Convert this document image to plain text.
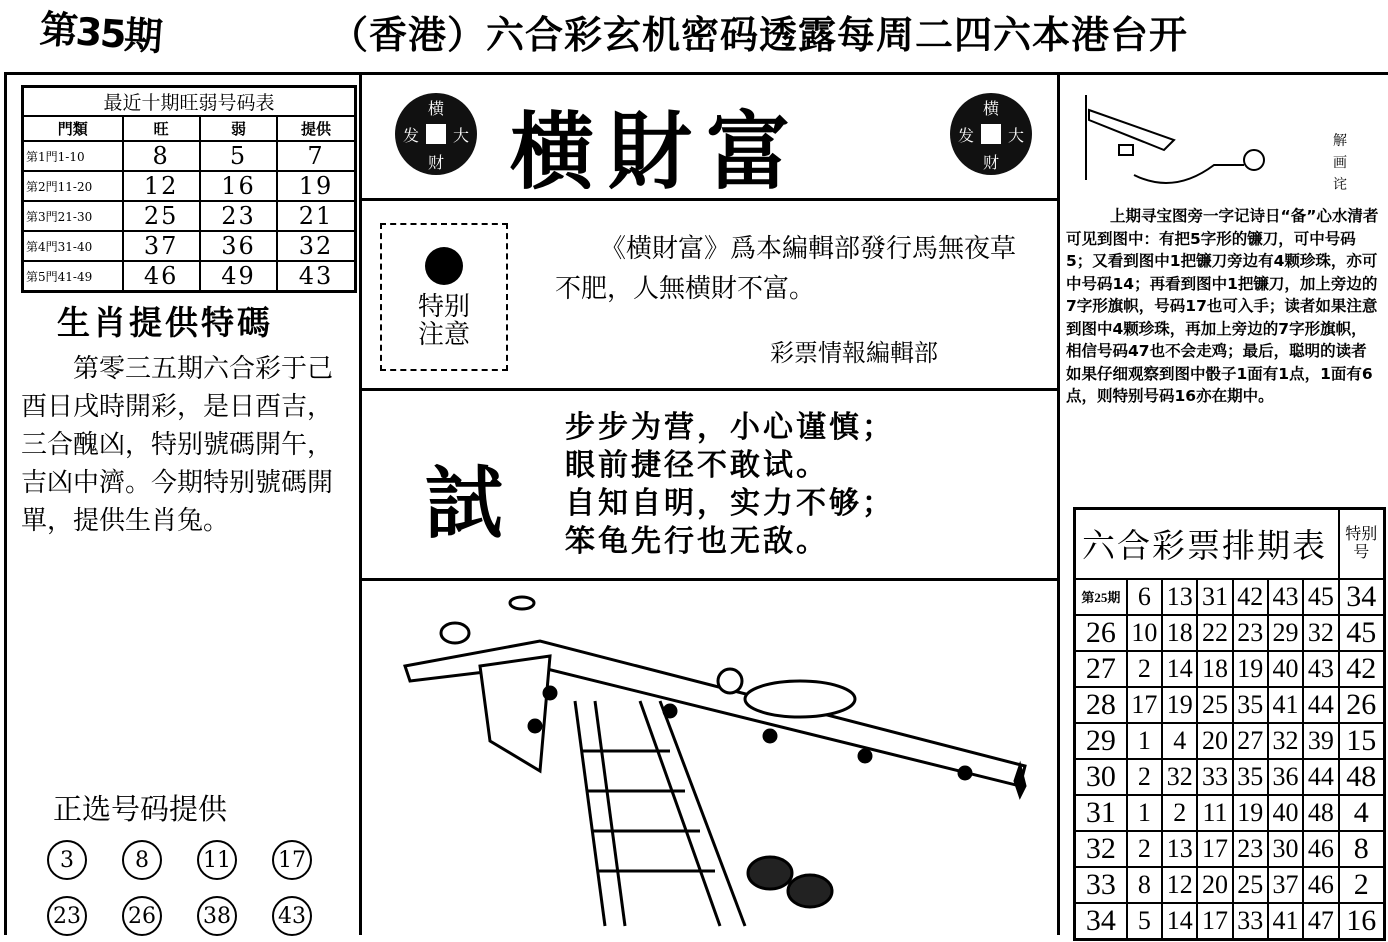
第35期	（香港）六合彩玄机密码透露每周二四六本港台开
最近十期旺弱号码表			
門類	旺	弱	提供
第1門1-10	8	5	7
第2門11-20	12	16	19
第3門21-30	25	23	21
第4門31-40	37	36	32
第5門41-49	46	49	43
生肖提供特碼
第零三五期六合彩于己酉日戌時開彩，是日酉吉，三合醜凶，特别號碼開午，吉凶中濟。今期特别號碼開單，提供生肖兔。
正选号码提供
3	8	11 17
23 26 38 43
横
发 大
财 横財富	横
发 大
财
特别
注意
《横財富》爲本編輯部發行馬無夜草不肥，人無横財不富。
彩票情報編輯部
試
步步为营，小心谨慎；
眼前捷径不敢试。
自知自明，实力不够；
笨龟先行也无敌。
解画诧
上期寻宝图旁一字记诗日“备”心水清者可见到图中：有把5字形的镰刀，可中号码5；又看到图中1把镰刀旁边有4颗珍珠，亦可中号码14；再看到图中1把镰刀，加上旁边的7字形旗帜，号码17也可入手；读者如果注意到图中4颗珍珠，再加上旁边的7字形旗帜，相信号码47也不会走鸡；最后，聪明的读者如果仔细观察到图中骰子1面有1点，1面有6点，则特别号码16亦在期中。
六合彩票排期表							特别号
第25期	6	13	31	42	43	45	34
26	10	18	22	23	29	32	45
27	2	14	18	19	40	43	42
28	17	19	25	35	41	44	26
29	1	4	20	27	32	39	15
30	2	32	33	35	36	44	48
31	1	2	11	19	40	48	4
32	2	13	17	23	30	46	8
33	8	12	20	25	37	46	2
34	5	14	17	33	41	47	16
